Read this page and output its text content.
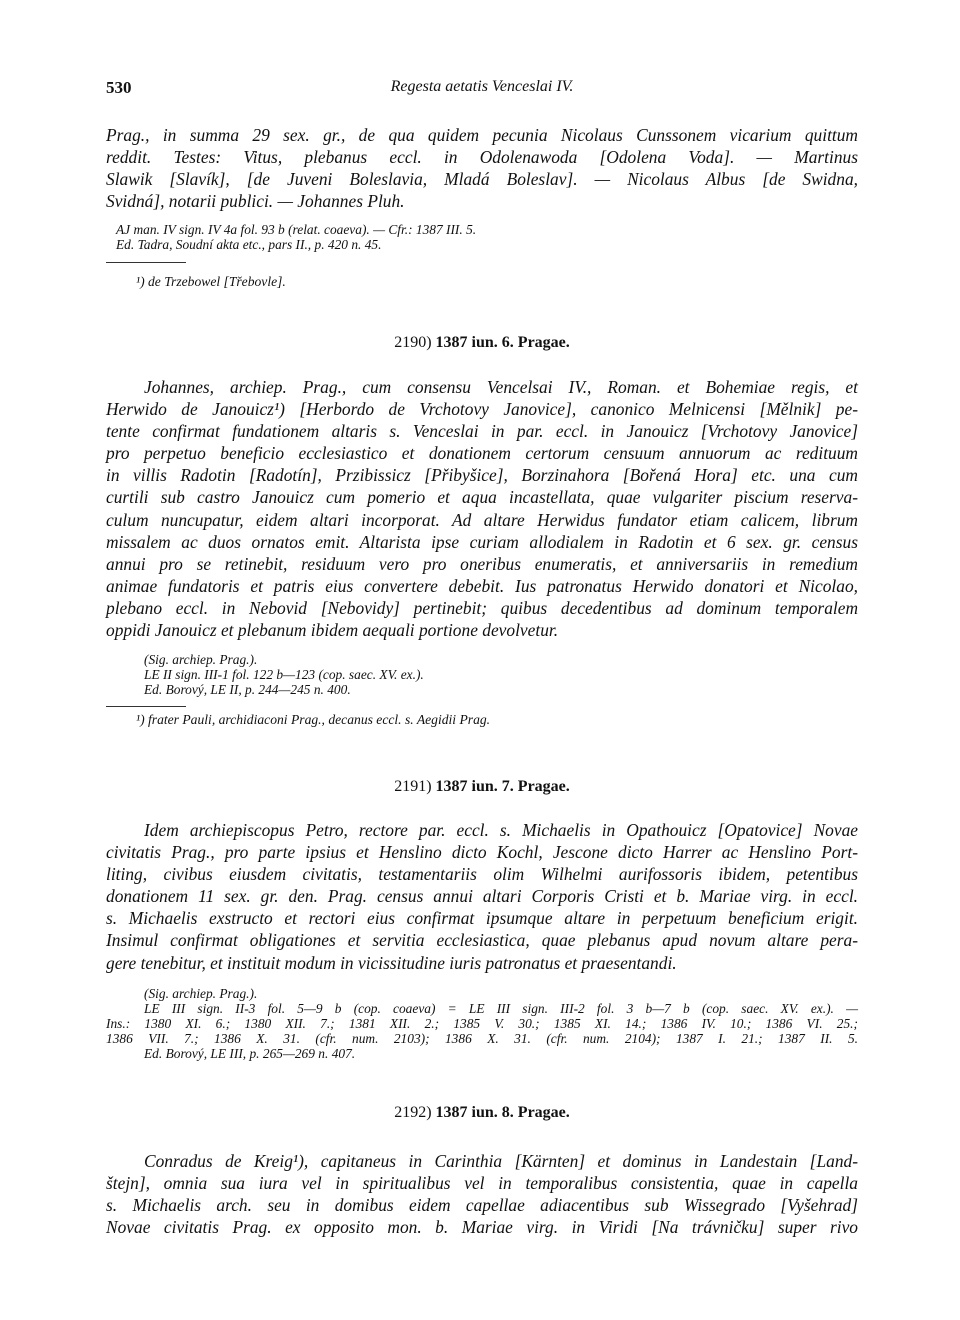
530	Regesta aetatis Venceslai IV.

Prag., in summa 29 sex. gr., de qua quidem pecunia Nicolaus Cunssonem vicarium quittum
reddit. Testes: Vitus, plebanus eccl. in Odolenawoda [Odolena Voda]. — Martinus
Slawik [Slavík], [de Juveni Boleslavia, Mladá Boleslav]. — Nicolaus Albus [de Swidna,
Svidná], notarii publici. — Johannes Pluh.

AJ man. IV sign. IV 4a fol. 93 b (relat. coaeva). — Cfr.: 1387 III. 5.
Ed. Tadra, Soudní akta etc., pars II., p. 420 n. 45.

¹) de Trzebowel [Třebovle].

2190) 1387 iun. 6. Pragae.

Johannes, archiep. Prag., cum consensu Vencelsai IV., Roman. et Bohemiae regis, et
Herwido de Janouicz¹) [Herbordo de Vrchotovy Janovice], canonico Melnicensi [Mělnik] pe-
tente confirmat fundationem altaris s. Venceslai in par. eccl. in Janouicz [Vrchotovy Janovice]
pro perpetuo beneficio ecclesiastico et donationem certorum censuum annuorum ac redituum
in villis Radotin [Radotín], Przibissicz [Přibyšice], Borzinahora [Bořená Hora] etc. una cum
curtili sub castro Janouicz cum pomerio et aqua incastellata, quae vulgariter piscium reserva-
culum nuncupatur, eidem altari incorporat. Ad altare Herwidus fundator etiam calicem, librum
missalem ac duos ornatos emit. Altarista ipse curiam allodialem in Radotin et 6 sex. gr. census
annui pro se retinebit, residuum vero pro oneribus enumeratis, et anniversariis in remedium
animae fundatoris et patris eius convertere debebit. Ius patronatus Herwido donatori et Nicolao,
plebano eccl. in Nebovid [Nebovidy] pertinebit; quibus decedentibus ad dominum temporalem
oppidi Janouicz et plebanum ibidem aequali portione devolvetur.

(Sig. archiep. Prag.).
LE II sign. III-1 fol. 122 b—123 (cop. saec. XV. ex.).
Ed. Borový, LE II, p. 244—245 n. 400.

¹) frater Pauli, archidiaconi Prag., decanus eccl. s. Aegidii Prag.

2191) 1387 iun. 7. Pragae.

Idem archiepiscopus Petro, rectore par. eccl. s. Michaelis in Opathouicz [Opatovice] Novae
civitatis Prag., pro parte ipsius et Henslino dicto Kochl, Jescone dicto Harrer ac Henslino Port-
liting, civibus eiusdem civitatis, testamentariis olim Wilhelmi aurifossoris ibidem, petentibus
donationem 11 sex. gr. den. Prag. census annui altari Corporis Cristi et b. Mariae virg. in eccl.
s. Michaelis exstructo et rectori eius confirmat ipsumque altare in perpetuum beneficium erigit.
Insimul confirmat obligationes et servitia ecclesiastica, quae plebanus apud novum altare pera-
gere tenebitur, et instituit modum in vicissitudine iuris patronatus et praesentandi.

(Sig. archiep. Prag.).
LE III sign. II-3 fol. 5—9 b (cop. coaeva) = LE III sign. III-2 fol. 3 b—7 b (cop. saec. XV. ex.). —
Ins.: 1380 XI. 6.; 1380 XII. 7.; 1381 XII. 2.; 1385 V. 30.; 1385 XI. 14.; 1386 IV. 10.; 1386 VI. 25.;
1386 VII. 7.; 1386 X. 31. (cfr. num. 2103); 1386 X. 31. (cfr. num. 2104); 1387 I. 21.; 1387 II. 5.
Ed. Borový, LE III, p. 265—269 n. 407.

2192) 1387 iun. 8. Pragae.

Conradus de Kreig¹), capitaneus in Carinthia [Kärnten] et dominus in Landestain [Land-
štejn], omnia sua iura vel in spiritualibus vel in temporalibus consistentia, quae in capella
s. Michaelis arch. seu in domibus eidem capellae adiacentibus sub Wissegrado [Vyšehrad]
Novae civitatis Prag. ex opposito mon. b. Mariae virg. in Viridi [Na trávničku] super rivo
